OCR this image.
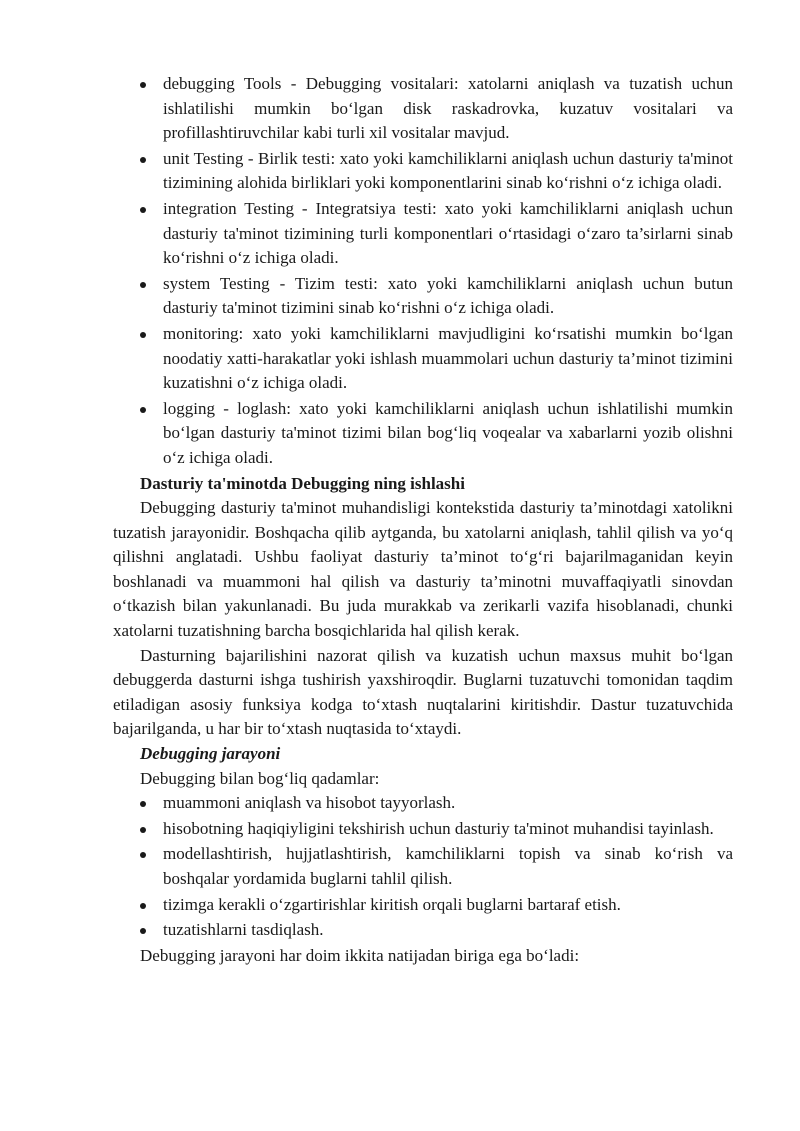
debugging Tools - Debugging vositalari: xatolarni aniqlash va tuzatish uchun ishlatilishi mumkin bo‘lgan disk raskadrovka, kuzatuv vositalari va profillashtiruvchilar kabi turli xil vositalar mavjud.
unit Testing - Birlik testi: xato yoki kamchiliklarni aniqlash uchun dasturiy ta'minot tizimining alohida birliklari yoki komponentlarini sinab ko‘rishni o‘z ichiga oladi.
integration Testing - Integratsiya testi: xato yoki kamchiliklarni aniqlash uchun dasturiy ta'minot tizimining turli komponentlari o‘rtasidagi o‘zaro ta’sirlarni sinab ko‘rishni o‘z ichiga oladi.
system Testing - Tizim testi: xato yoki kamchiliklarni aniqlash uchun butun dasturiy ta'minot tizimini sinab ko‘rishni o‘z ichiga oladi.
monitoring: xato yoki kamchiliklarni mavjudligini ko‘rsatishi mumkin bo‘lgan noodatiy xatti-harakatlar yoki ishlash muammolari uchun dasturiy ta’minot tizimini kuzatishni o‘z ichiga oladi.
logging - loglash: xato yoki kamchiliklarni aniqlash uchun ishlatilishi mumkin bo‘lgan dasturiy ta'minot tizimi bilan bog‘liq voqealar va xabarlarni yozib olishni o‘z ichiga oladi.

Dasturiy ta'minotda Debugging ning ishlashi

Debugging dasturiy ta'minot muhandisligi kontekstida dasturiy ta’minotdagi xatolikni tuzatish jarayonidir. Boshqacha qilib aytganda, bu xatolarni aniqlash, tahlil qilish va yo‘q qilishni anglatadi. Ushbu faoliyat dasturiy ta’minot to‘g‘ri bajarilmaganidan keyin boshlanadi va muammoni hal qilish va dasturiy ta’minotni muvaffaqiyatli sinovdan o‘tkazish bilan yakunlanadi. Bu juda murakkab va zerikarli vazifa hisoblanadi, chunki xatolarni tuzatishning barcha bosqichlarida hal qilish kerak.

Dasturning bajarilishini nazorat qilish va kuzatish uchun maxsus muhit bo‘lgan debuggerda dasturni ishga tushirish yaxshiroqdir. Buglarni tuzatuvchi tomonidan taqdim etiladigan asosiy funksiya kodga to‘xtash nuqtalarini kiritishdir. Dastur tuzatuvchida bajarilganda, u har bir to‘xtash nuqtasida to‘xtaydi.

Debugging jarayoni

Debugging bilan bog‘liq qadamlar:

muammoni aniqlash va hisobot tayyorlash.
hisobotning haqiqiyligini tekshirish uchun dasturiy ta'minot muhandisi tayinlash.
modellashtirish, hujjatlashtirish, kamchiliklarni topish va sinab ko‘rish va boshqalar yordamida buglarni tahlil qilish.
tizimga kerakli o‘zgartirishlar kiritish orqali buglarni bartaraf etish.
tuzatishlarni tasdiqlash.

Debugging jarayoni har doim ikkita natijadan biriga ega bo‘ladi:
